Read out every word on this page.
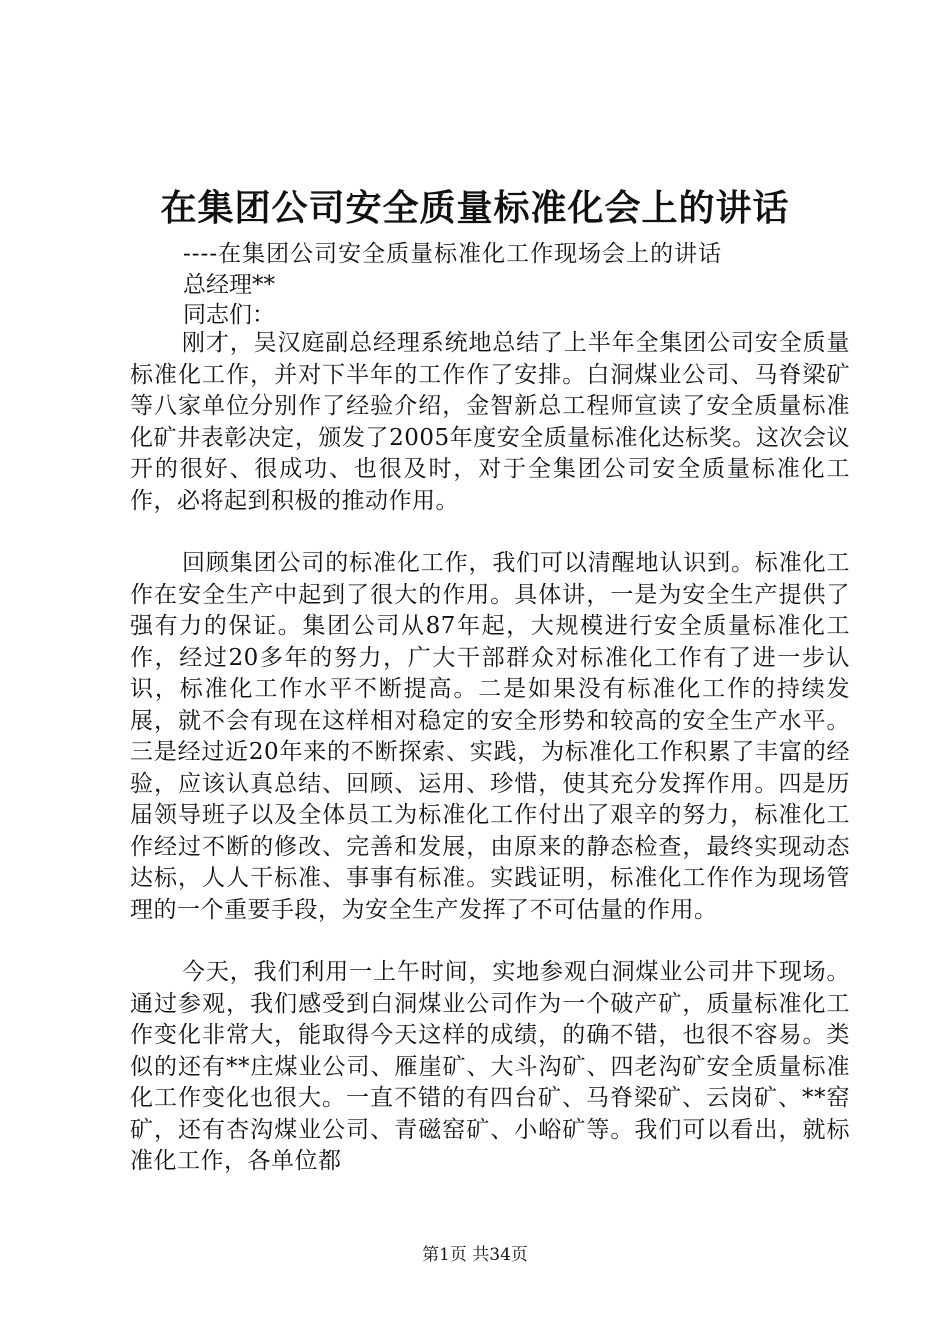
在集团公司安全质量标准化会上的讲话

----在集团公司安全质量标准化工作现场会上的讲话

总经理**

同志们：

刚才，吴汉庭副总经理系统地总结了上半年全集团公司安全质量标准化工作，并对下半年的工作作了安排。白洞煤业公司、马脊梁矿等八家单位分别作了经验介绍，金智新总工程师宣读了安全质量标准化矿井表彰决定，颁发了2005年度安全质量标准化达标奖。这次会议开的很好、很成功、也很及时，对于全集团公司安全质量标准化工作，必将起到积极的推动作用。

回顾集团公司的标准化工作，我们可以清醒地认识到。标准化工作在安全生产中起到了很大的作用。具体讲，一是为安全生产提供了强有力的保证。集团公司从87年起，大规模进行安全质量标准化工作，经过20多年的努力，广大干部群众对标准化工作有了进一步认识，标准化工作水平不断提高。二是如果没有标准化工作的持续发展，就不会有现在这样相对稳定的安全形势和较高的安全生产水平。三是经过近20年来的不断探索、实践，为标准化工作积累了丰富的经验，应该认真总结、回顾、运用、珍惜，使其充分发挥作用。四是历届领导班子以及全体员工为标准化工作付出了艰辛的努力，标准化工作经过不断的修改、完善和发展，由原来的静态检查，最终实现动态达标，人人干标准、事事有标准。实践证明，标准化工作作为现场管理的一个重要手段，为安全生产发挥了不可估量的作用。

今天，我们利用一上午时间，实地参观白洞煤业公司井下现场。通过参观，我们感受到白洞煤业公司作为一个破产矿，质量标准化工作变化非常大，能取得今天这样的成绩，的确不错，也很不容易。类似的还有**庄煤业公司、雁崖矿、大斗沟矿、四老沟矿安全质量标准化工作变化也很大。一直不错的有四台矿、马脊梁矿、云岗矿、**窑矿，还有杏沟煤业公司、青磁窑矿、小峪矿等。我们可以看出，就标准化工作，各单位都

第1页 共34页
